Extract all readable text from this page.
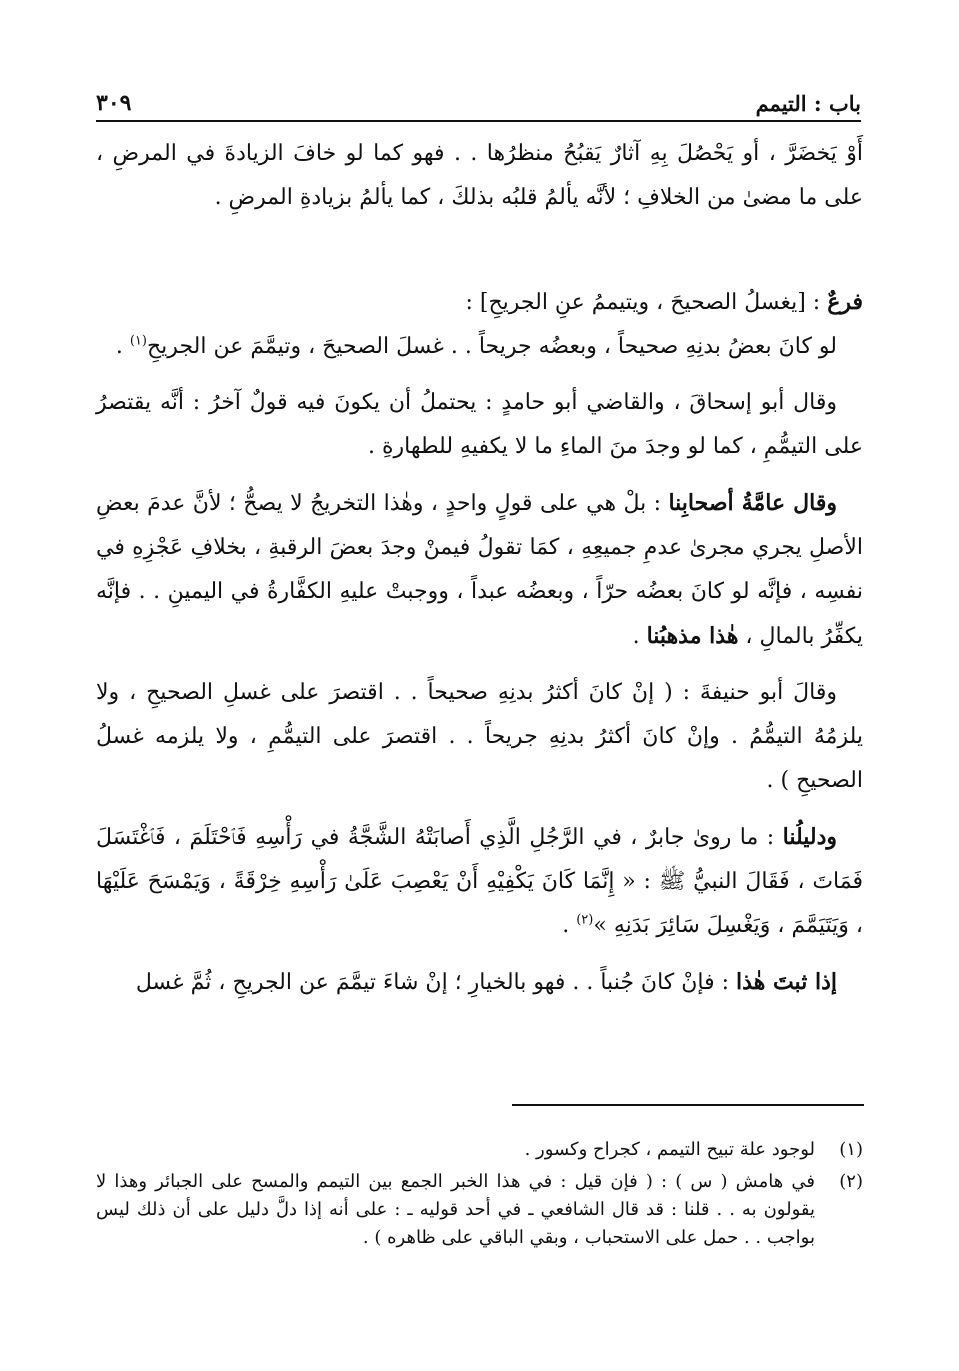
باب : التيمم
٣٠٩

أَوْ يَخضَرَّ ، أو يَحْصُلَ بِهِ آثارٌ يَقبُحُ منظرُها . . فهو كما لو خافَ الزيادةَ في المرضِ ، على ما مضىٰ من الخلافِ ؛ لأنَّه يألمُ قلبُه بذلكَ ، كما يألمُ بزيادةِ المرضِ .

فرعٌ : [يغسلُ الصحيحَ ، ويتيممُ عنِ الجريحِ] :

لو كانَ بعضُ بدنِهِ صحيحاً ، وبعضُه جريحاً . . غسلَ الصحيحَ ، وتيمَّمَ عن الجريحِ$^{(١)}$ .

وقال أبو إسحاقَ ، والقاضي أبو حامدٍ : يحتملُ أن يكونَ فيه قولٌ آخرُ : أنَّه يقتصرُ على التيمُّمِ ، كما لو وجدَ منَ الماءِ ما لا يكفيهِ للطهارةِ .

وقال عامَّةُ أصحابِنا : بلْ هي على قولٍ واحدٍ ، وهٰذا التخريجُ لا يصحُّ ؛ لأنَّ عدمَ بعضِ الأصلِ يجري مجرىٰ عدمِ جميعِهِ ، كمَا تقولُ فيمنْ وجدَ بعضَ الرقبةِ ، بخلافِ عَجْزِهِ في نفسِه ، فإنَّه لو كانَ بعضُه حرّاً ، وبعضُه عبداً ، ووجبتْ عليهِ الكفَّارةُ في اليمينِ . . فإنَّه يكفِّرُ بالمالِ ، هٰذا مذهبُنا .

وقالَ أبو حنيفةَ : ( إنْ كانَ أكثرُ بدنِهِ صحيحاً . . اقتصرَ على غسلِ الصحيحِ ، ولا يلزمُهُ التيمُّمُ . وإنْ كانَ أكثرُ بدنِهِ جريحاً . . اقتصرَ على التيمُّمِ ، ولا يلزمه غسلُ الصحيحِ ) .

ودليلُنا : ما روىٰ جابرٌ ، في الرَّجُلِ الَّذِي أَصابَتْهُ الشَّجَّةُ في رَأْسِهِ فَٱحْتَلَمَ ، فَٱغْتَسَلَ فَمَاتَ ، فَقَالَ النبيُّ ﷺ : « إِنَّمَا كَانَ يَكْفِيْهِ أَنْ يَعْصِبَ عَلَىٰ رَأْسِهِ خِرْقَةً ، وَيَمْسَحَ عَلَيْهَا ، وَيَتَيَمَّمَ ، وَيَغْسِلَ سَائِرَ بَدَنِهِ »$^{(٢)}$ .

إذا ثبتَ هٰذا : فإنْ كانَ جُنباً . . فهو بالخيارِ ؛ إنْ شاءَ تيمَّمَ عن الجريحِ ، ثُمَّ غسل

(١)
لوجود علة تبيح التيمم ، كجراح وكسور .
(٢)
في هامش ( س ) : ( فإن قيل : في هذا الخبر الجمع بين التيمم والمسح على الجبائر وهذا لا يقولون به . . قلنا : قد قال الشافعي ـ في أحد قوليه ـ : على أنه إذا دلَّ دليل على أن ذلك ليس بواجب . . حمل على الاستحباب ، وبقي الباقي على ظاهره ) .
